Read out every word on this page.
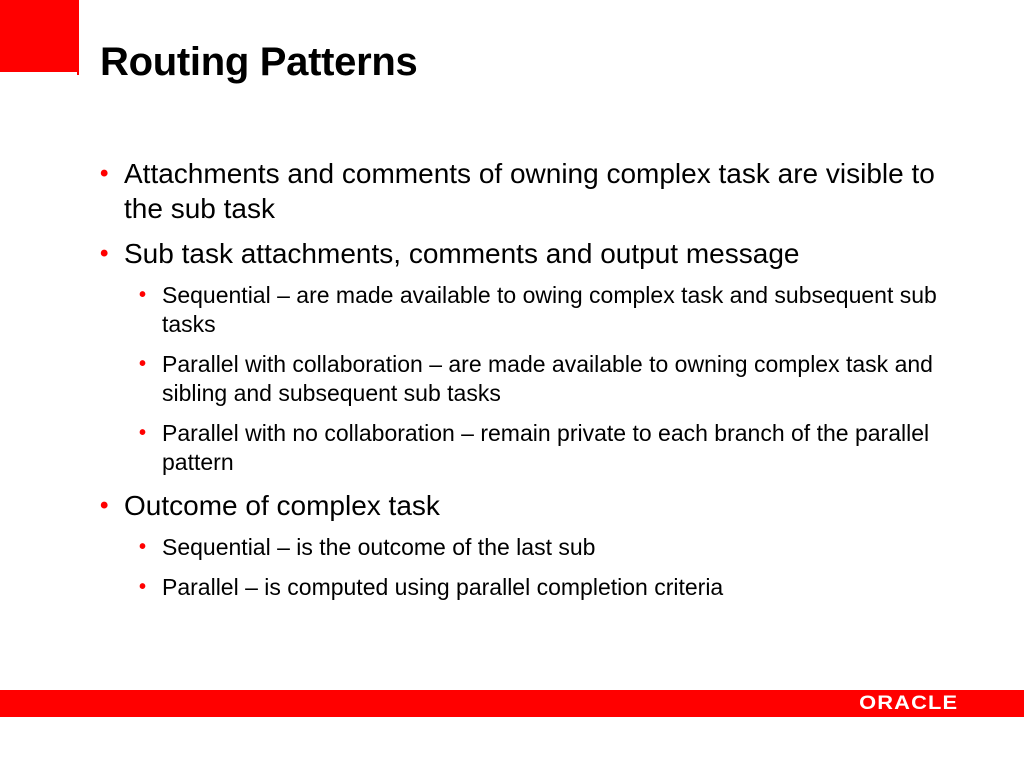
Routing Patterns
• Attachments and comments of owning complex task are visible to the sub task
• Sub task attachments, comments and output message
• Sequential – are made available to owing complex task and subsequent sub tasks
• Parallel with collaboration – are made available to owning complex task and sibling and subsequent sub tasks
• Parallel with no collaboration – remain private to each branch of the parallel pattern
• Outcome of complex task
• Sequential – is the outcome of the last sub
• Parallel – is computed using parallel completion criteria
ORACLE
